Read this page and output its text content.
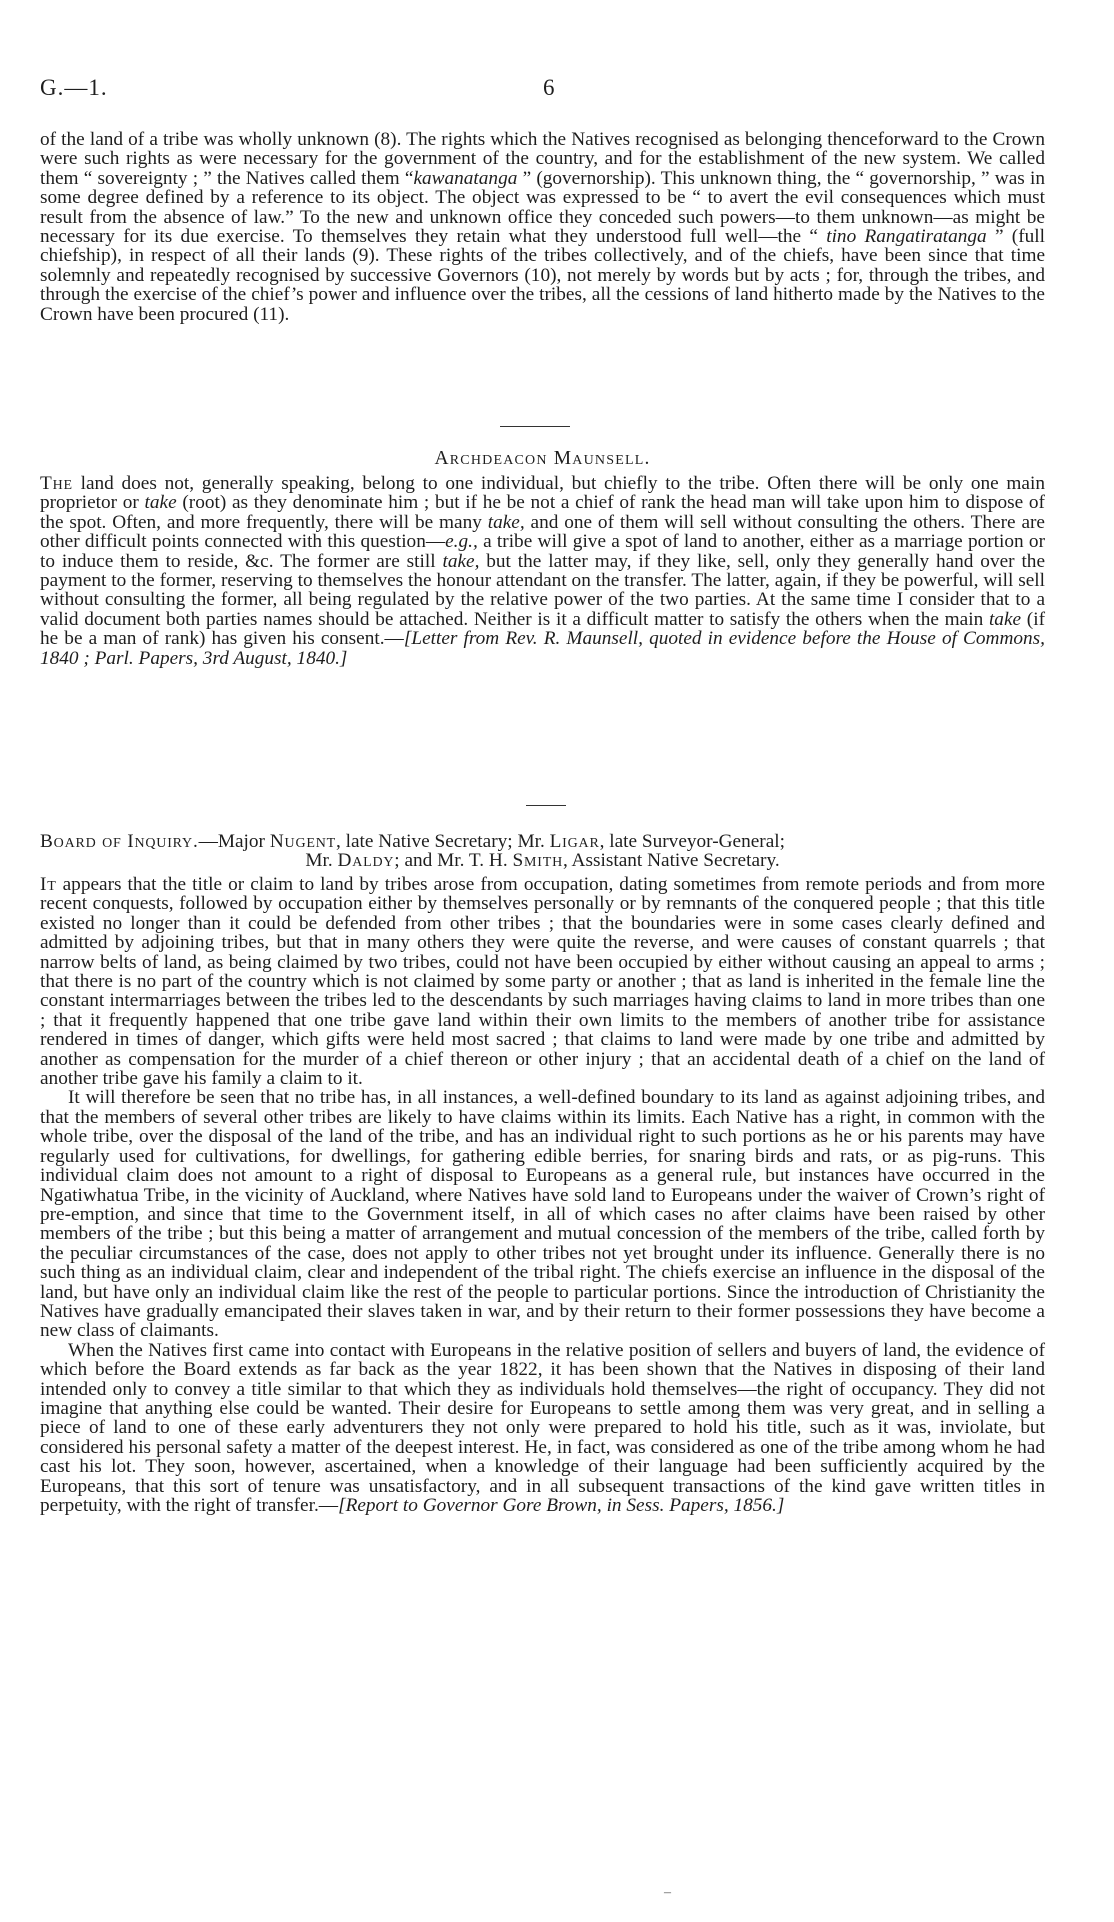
G.—1.	6

of the land of a tribe was wholly unknown (8). The rights which the Natives recognised as belonging thenceforward to the Crown were such rights as were necessary for the government of the country, and for the establishment of the new system. We called them “ sovereignty ; ” the Natives called them “kawanatanga ” (governorship). This unknown thing, the “ governorship, ” was in some degree defined by a reference to its object. The object was expressed to be “ to avert the evil consequences which must result from the absence of law.” To the new and unknown office they conceded such powers—to them unknown—as might be necessary for its due exercise. To themselves they retain what they understood full well—the “ tino Rangatiratanga ” (full chiefship), in respect of all their lands (9). These rights of the tribes collectively, and of the chiefs, have been since that time solemnly and repeatedly recognised by successive Governors (10), not merely by words but by acts ; for, through the tribes, and through the exercise of the chief’s power and influence over the tribes, all the cessions of land hitherto made by the Natives to the Crown have been procured (11).

Archdeacon Maunsell.

The land does not, generally speaking, belong to one individual, but chiefly to the tribe. Often there will be only one main proprietor or take (root) as they denominate him ; but if he be not a chief of rank the head man will take upon him to dispose of the spot. Often, and more frequently, there will be many take, and one of them will sell without consulting the others. There are other difficult points connected with this question—e.g., a tribe will give a spot of land to another, either as a marriage portion or to induce them to reside, &c. The former are still take, but the latter may, if they like, sell, only they generally hand over the payment to the former, reserving to themselves the honour attendant on the transfer. The latter, again, if they be powerful, will sell without consulting the former, all being regulated by the relative power of the two parties. At the same time I consider that to a valid document both parties names should be attached. Neither is it a difficult matter to satisfy the others when the main take (if he be a man of rank) has given his consent.—[Letter from Rev. R. Maunsell, quoted in evidence before the House of Commons, 1840 ; Parl. Papers, 3rd August, 1840.]

Board of Inquiry.—Major Nugent, late Native Secretary; Mr. Ligar, late Surveyor-General;

Mr. Daldy; and Mr. T. H. Smith, Assistant Native Secretary.

It appears that the title or claim to land by tribes arose from occupation, dating sometimes from remote periods and from more recent conquests, followed by occupation either by themselves personally or by remnants of the conquered people ; that this title existed no longer than it could be defended from other tribes ; that the boundaries were in some cases clearly defined and admitted by adjoining tribes, but that in many others they were quite the reverse, and were causes of constant quarrels ; that narrow belts of land, as being claimed by two tribes, could not have been occupied by either without causing an appeal to arms ; that there is no part of the country which is not claimed by some party or another ; that as land is inherited in the female line the constant intermarriages between the tribes led to the descendants by such marriages having claims to land in more tribes than one ; that it frequently happened that one tribe gave land within their own limits to the members of another tribe for assistance rendered in times of danger, which gifts were held most sacred ; that claims to land were made by one tribe and admitted by another as compensation for the murder of a chief thereon or other injury ; that an accidental death of a chief on the land of another tribe gave his family a claim to it.

It will therefore be seen that no tribe has, in all instances, a well-defined boundary to its land as against adjoining tribes, and that the members of several other tribes are likely to have claims within its limits. Each Native has a right, in common with the whole tribe, over the disposal of the land of the tribe, and has an individual right to such portions as he or his parents may have regularly used for cultivations, for dwellings, for gathering edible berries, for snaring birds and rats, or as pig-runs. This individual claim does not amount to a right of disposal to Europeans as a general rule, but instances have occurred in the Ngatiwhatua Tribe, in the vicinity of Auckland, where Natives have sold land to Europeans under the waiver of Crown’s right of pre-emption, and since that time to the Government itself, in all of which cases no after claims have been raised by other members of the tribe ; but this being a matter of arrangement and mutual concession of the members of the tribe, called forth by the peculiar circumstances of the case, does not apply to other tribes not yet brought under its influence. Generally there is no such thing as an individual claim, clear and independent of the tribal right. The chiefs exercise an influence in the disposal of the land, but have only an individual claim like the rest of the people to particular portions. Since the introduction of Christianity the Natives have gradually emancipated their slaves taken in war, and by their return to their former possessions they have become a new class of claimants.

When the Natives first came into contact with Europeans in the relative position of sellers and buyers of land, the evidence of which before the Board extends as far back as the year 1822, it has been shown that the Natives in disposing of their land intended only to convey a title similar to that which they as individuals hold themselves—the right of occupancy. They did not imagine that anything else could be wanted. Their desire for Europeans to settle among them was very great, and in selling a piece of land to one of these early adventurers they not only were prepared to hold his title, such as it was, inviolate, but considered his personal safety a matter of the deepest interest. He, in fact, was considered as one of the tribe among whom he had cast his lot. They soon, however, ascertained, when a knowledge of their language had been sufficiently acquired by the Europeans, that this sort of tenure was unsatisfactory, and in all subsequent transactions of the kind gave written titles in perpetuity, with the right of transfer.—[Report to Governor Gore Brown, in Sess. Papers, 1856.]

–
